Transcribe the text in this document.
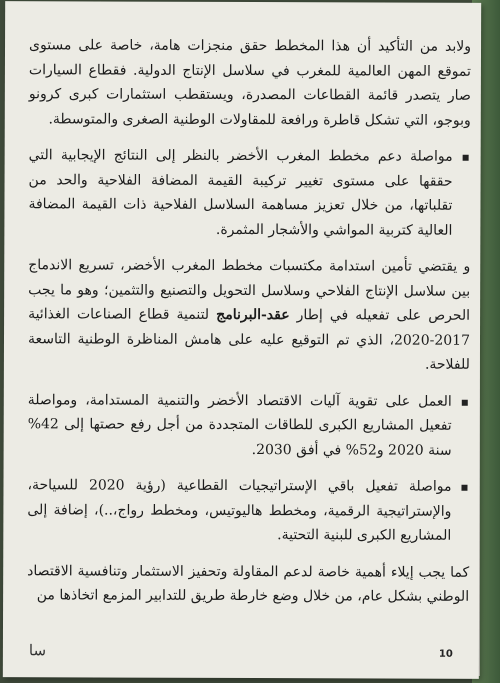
ولابد من التأكيد أن هذا المخطط حقق منجزات هامة، خاصة على مستوى تموقع المهن العالمية للمغرب في سلاسل الإنتاج الدولية. فقطاع السيارات صار يتصدر قائمة القطاعات المصدرة، ويستقطب استثمارات كبرى كرونو وبوجو، التي تشكل قاطرة ورافعة للمقاولات الوطنية الصغرى والمتوسطة.

مواصلة دعم مخطط المغرب الأخضر بالنظر إلى النتائج الإيجابية التي حققها على مستوى تغيير تركيبة القيمة المضافة الفلاحية والحد من تقلباتها، من خلال تعزيز مساهمة السلاسل الفلاحية ذات القيمة المضافة العالية كتربية المواشي والأشجار المثمرة.

و يقتضي تأمين استدامة مكتسبات مخطط المغرب الأخضر، تسريع الاندماج بين سلاسل الإنتاج الفلاحي وسلاسل التحويل والتصنيع والتثمين؛ وهو ما يجب الحرص على تفعيله في إطار عقد-البرنامج لتنمية قطاع الصناعات الغذائية 2017-2020، الذي تم التوقيع عليه على هامش المناظرة الوطنية التاسعة للفلاحة.

العمل على تقوية آليات الاقتصاد الأخضر والتنمية المستدامة، ومواصلة تفعيل المشاريع الكبرى للطاقات المتجددة من أجل رفع حصتها إلى 42% سنة 2020 و52% في أفق 2030.

مواصلة تفعيل باقي الإستراتيجيات القطاعية (رؤية 2020 للسياحة، والإستراتيجية الرقمية، ومخطط هاليوتيس، ومخطط رواج،..)، إضافة إلى المشاريع الكبرى للبنية التحتية.

كما يجب إيلاء أهمية خاصة لدعم المقاولة وتحفيز الاستثمار وتنافسية الاقتصاد الوطني بشكل عام، من خلال وضع خارطة طريق للتدابير المزمع اتخاذها من

سا	10
